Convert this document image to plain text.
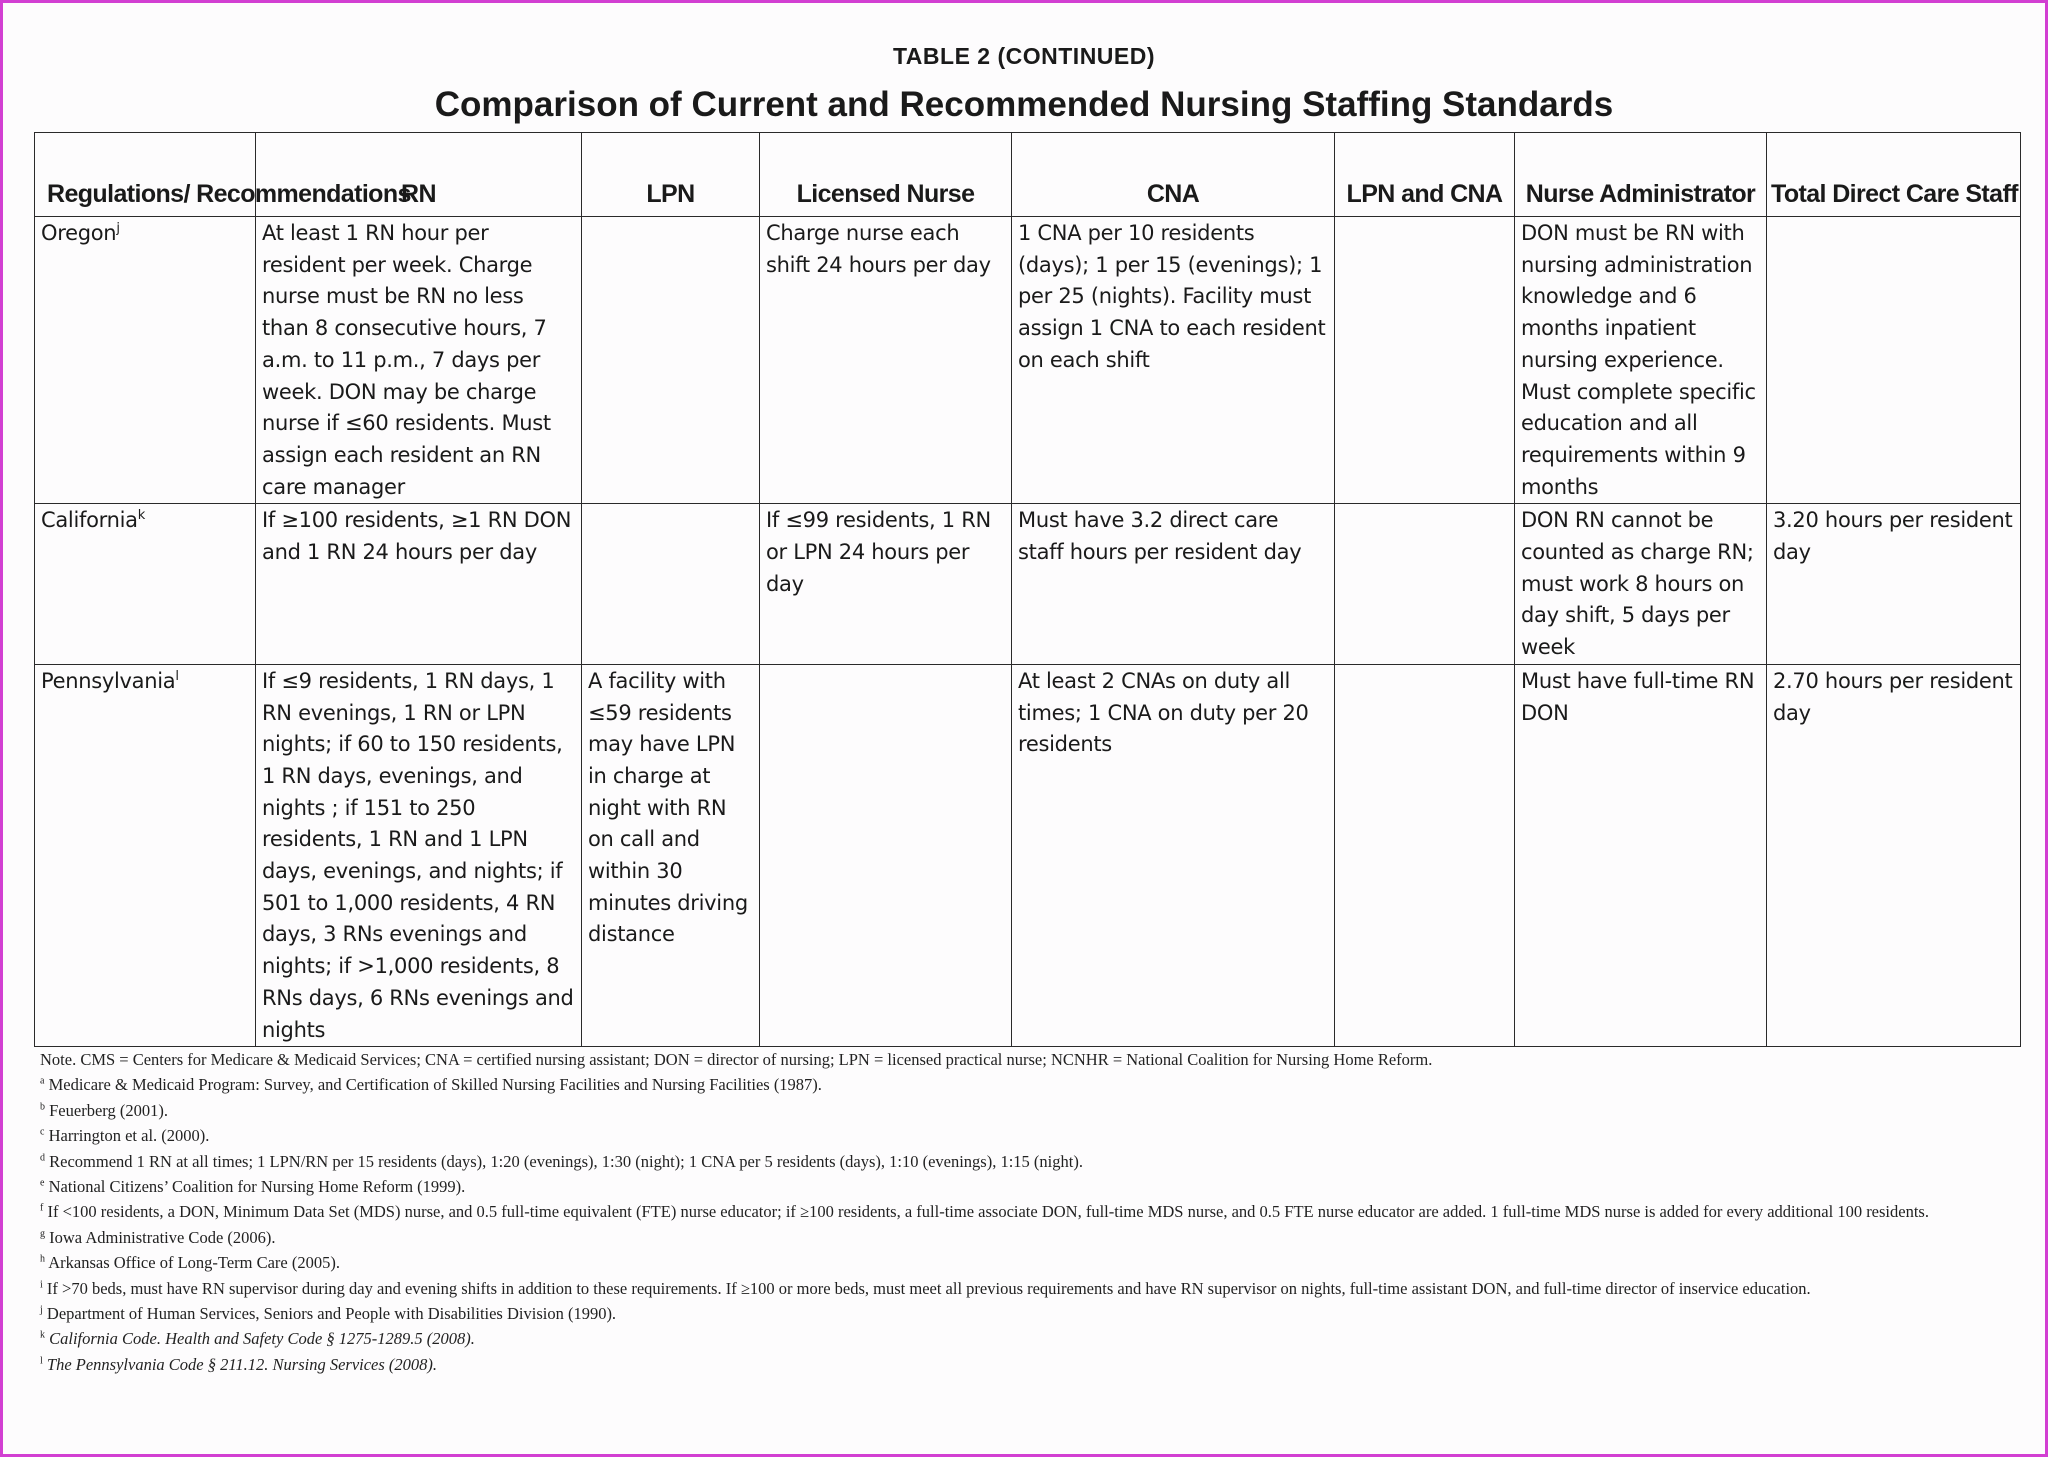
TABLE 2 (CONTINUED)
Comparison of Current and Recommended Nursing Staffing Standards
Regulations/ Recommendations	RN	LPN	Licensed Nurse	CNA	LPN and CNA	Nurse Administrator	Total Direct Care Staff
Oregon$^j$	At least 1 RN hour per resident per week. Charge nurse must be RN no less than 8 consecutive hours, 7 a.m. to 11 p.m., 7 days per week. DON may be charge nurse if ≤60 residents. Must assign each resident an RN care manager		Charge nurse each shift 24 hours per day	1 CNA per 10 residents (days); 1 per 15 (evenings); 1 per 25 (nights). Facility must assign 1 CNA to each resident on each shift		DON must be RN with nursing administration knowledge and 6 months inpatient nursing experience. Must complete specific education and all requirements within 9 months	
California$^k$	If ≥100 residents, ≥1 RN DON and 1 RN 24 hours per day		If ≤99 residents, 1 RN or LPN 24 hours per day	Must have 3.2 direct care staff hours per resident day		DON RN cannot be counted as charge RN; must work 8 hours on day shift, 5 days per week	3.20 hours per resident day
Pennsylvania$^l$	If ≤9 residents, 1 RN days, 1 RN evenings, 1 RN or LPN nights; if 60 to 150 residents, 1 RN days, evenings, and nights ; if 151 to 250 residents, 1 RN and 1 LPN days, evenings, and nights; if 501 to 1,000 residents, 4 RN days, 3 RNs evenings and nights; if >1,000 residents, 8 RNs days, 6 RNs evenings and nights	A facility with ≤59 residents may have LPN in charge at night with RN on call and within 30 minutes driving distance		At least 2 CNAs on duty all times; 1 CNA on duty per 20 residents		Must have full-time RN DON	2.70 hours per resident day

Note. CMS = Centers for Medicare & Medicaid Services; CNA = certified nursing assistant; DON = director of nursing; LPN = licensed practical nurse; NCNHR = National Coalition for Nursing Home Reform.

$^a$ Medicare & Medicaid Program: Survey, and Certification of Skilled Nursing Facilities and Nursing Facilities (1987).

$^b$ Feuerberg (2001).

$^c$ Harrington et al. (2000).

$^d$ Recommend 1 RN at all times; 1 LPN/RN per 15 residents (days), 1:20 (evenings), 1:30 (night); 1 CNA per 5 residents (days), 1:10 (evenings), 1:15 (night).

$^e$ National Citizens’ Coalition for Nursing Home Reform (1999).

$^f$ If <100 residents, a DON, Minimum Data Set (MDS) nurse, and 0.5 full-time equivalent (FTE) nurse educator; if ≥100 residents, a full-time associate DON, full-time MDS nurse, and 0.5 FTE nurse educator are added. 1 full-time MDS nurse is added for every additional 100 residents.

$^g$ Iowa Administrative Code (2006).

$^h$ Arkansas Office of Long-Term Care (2005).

$^i$ If >70 beds, must have RN supervisor during day and evening shifts in addition to these requirements. If ≥100 or more beds, must meet all previous requirements and have RN supervisor on nights, full-time assistant DON, and full-time director of inservice education.

$^j$ Department of Human Services, Seniors and People with Disabilities Division (1990).

$^k$ California Code. Health and Safety Code § 1275-1289.5 (2008).

$^l$ The Pennsylvania Code § 211.12. Nursing Services (2008).
